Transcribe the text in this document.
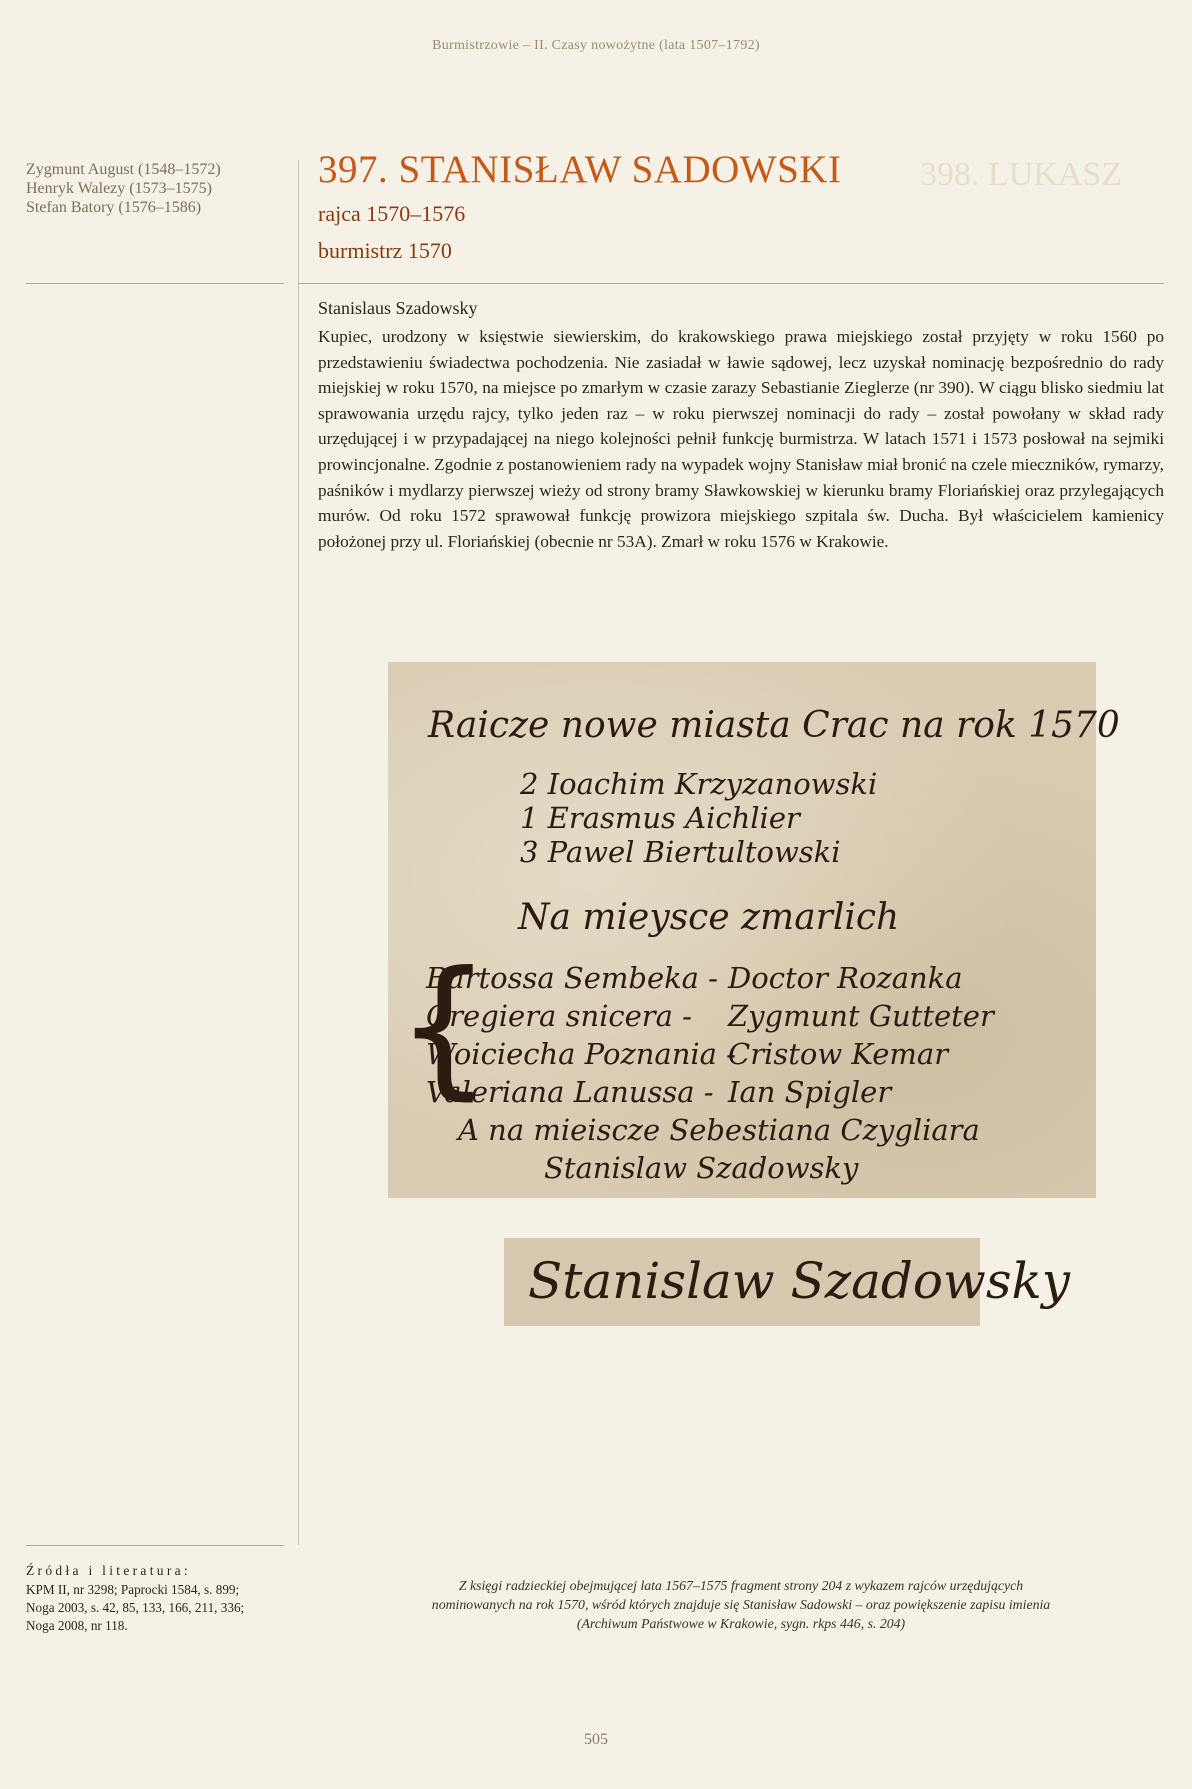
Burmistrzowie – II. Czasy nowożytne (lata 1507–1792)
Zygmunt August (1548–1572)
Henryk Walezy (1573–1575)
Stefan Batory (1576–1586)
398. LUKASZ
397. STANISŁAW SADOWSKI
rajca 1570–1576
burmistrz 1570
Stanislaus Szadowsky
Kupiec, urodzony w księstwie siewierskim, do krakowskiego prawa miejskiego został przyjęty w roku 1560 po przedstawieniu świadectwa pochodzenia. Nie zasiadał w ławie sądowej, lecz uzyskał nominację bezpośrednio do rady miejskiej w roku 1570, na miejsce po zmarłym w czasie zarazy Sebastianie Zieglerze (nr 390). W ciągu blisko siedmiu lat sprawowania urzędu rajcy, tylko jeden raz – w roku pierwszej nominacji do rady – został powołany w skład rady urzędującej i w przypadającej na niego kolejności pełnił funkcję burmistrza. W latach 1571 i 1573 posłował na sejmiki prowincjonalne. Zgodnie z postanowieniem rady na wypadek wojny Stanisław miał bronić na czele mieczników, rymarzy, paśników i mydlarzy pierwszej wieży od strony bramy Sławkowskiej w kierunku bramy Floriańskiej oraz przylegających murów. Od roku 1572 sprawował funkcję prowizora miejskiego szpitala św. Ducha. Był właścicielem kamienicy położonej przy ul. Floriańskiej (obecnie nr 53A). Zmarł w roku 1576 w Krakowie.
Raicze nowe miasta Crac na rok 1570
2 Ioachim Krzyzanowski
1 Erasmus Aichlier
3 Pawel Biertultowski
Na mieysce zmarlich
{
Bartossa Sembeka -
Gregiera snicera -
Woiciecha Poznania -
Valeriana Lanussa -
Doctor Rozanka
Zygmunt Gutteter
Cristow Kemar
Ian Spigler
A na mieiscze Sebestiana Czygliara
Stanislaw Szadowsky
Stanislaw Szadowsky
Źródła i literatura:
KPM II, nr 3298; Paprocki 1584, s. 899;
Noga 2003, s. 42, 85, 133, 166, 211, 336;
Noga 2008, nr 118.
Z księgi radzieckiej obejmującej lata 1567–1575 fragment strony 204 z wykazem rajców urzędujących
nominowanych na rok 1570, wśród których znajduje się Stanisław Sadowski – oraz powiększenie zapisu imienia
(Archiwum Państwowe w Krakowie, sygn. rkps 446, s. 204)
505
